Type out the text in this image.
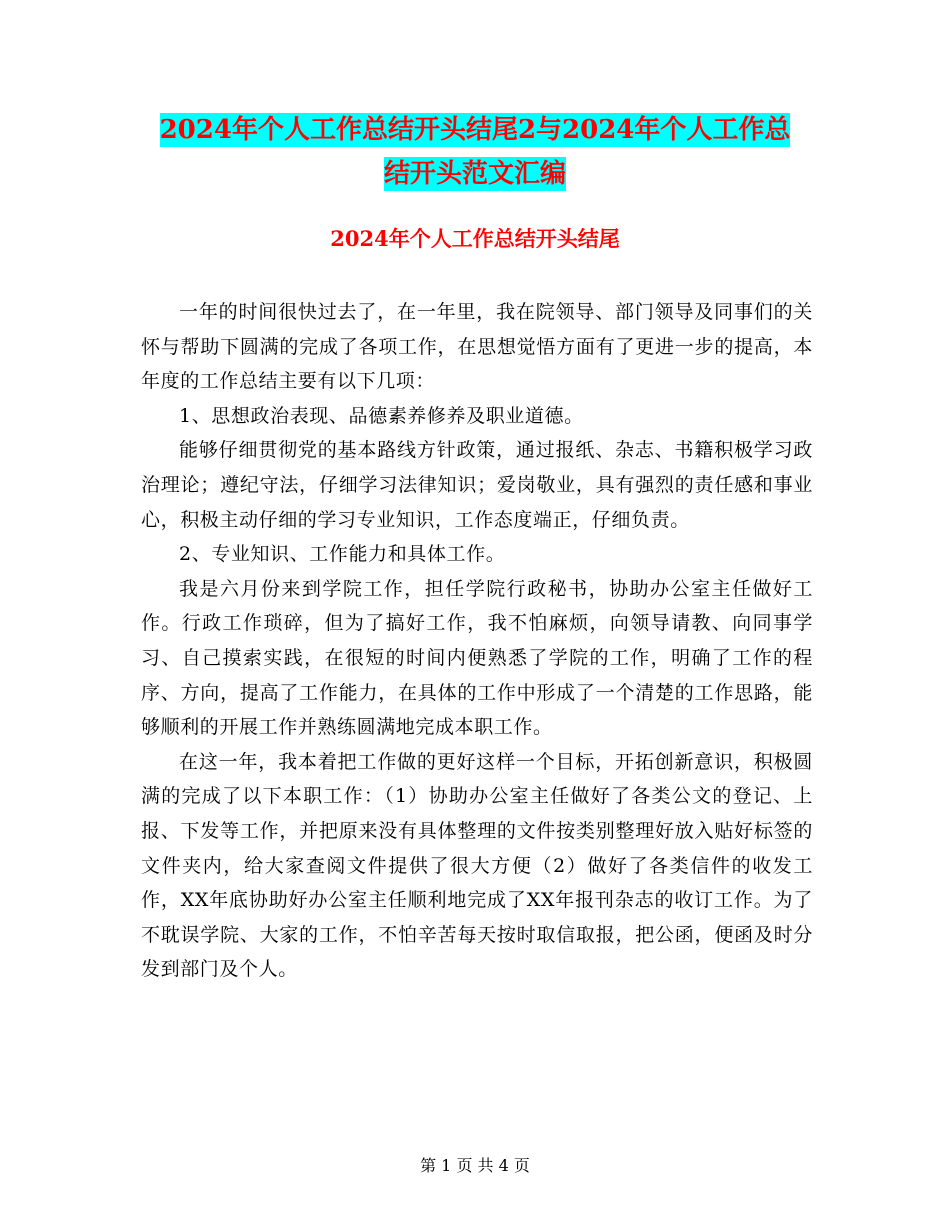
2024年个人工作总结开头结尾2与2024年个人工作总
结开头范文汇编
2024年个人工作总结开头结尾

一年的时间很快过去了，在一年里，我在院领导、部门领导及同事们的关怀与帮助下圆满的完成了各项工作，在思想觉悟方面有了更进一步的提高，本年度的工作总结主要有以下几项：

1、思想政治表现、品德素养修养及职业道德。

能够仔细贯彻党的基本路线方针政策，通过报纸、杂志、书籍积极学习政治理论；遵纪守法，仔细学习法律知识；爱岗敬业，具有强烈的责任感和事业心，积极主动仔细的学习专业知识，工作态度端正，仔细负责。

2、专业知识、工作能力和具体工作。

我是六月份来到学院工作，担任学院行政秘书，协助办公室主任做好工作。行政工作琐碎，但为了搞好工作，我不怕麻烦，向领导请教、向同事学习、自己摸索实践，在很短的时间内便熟悉了学院的工作，明确了工作的程序、方向，提高了工作能力，在具体的工作中形成了一个清楚的工作思路，能够顺利的开展工作并熟练圆满地完成本职工作。

在这一年，我本着把工作做的更好这样一个目标，开拓创新意识，积极圆满的完成了以下本职工作：（1）协助办公室主任做好了各类公文的登记、上报、下发等工作，并把原来没有具体整理的文件按类别整理好放入贴好标签的文件夹内，给大家查阅文件提供了很大方便（2）做好了各类信件的收发工作，XX年底协助好办公室主任顺利地完成了XX年报刊杂志的收订工作。为了不耽误学院、大家的工作，不怕辛苦每天按时取信取报，把公函，便函及时分发到部门及个人。

第 1 页 共 4 页
